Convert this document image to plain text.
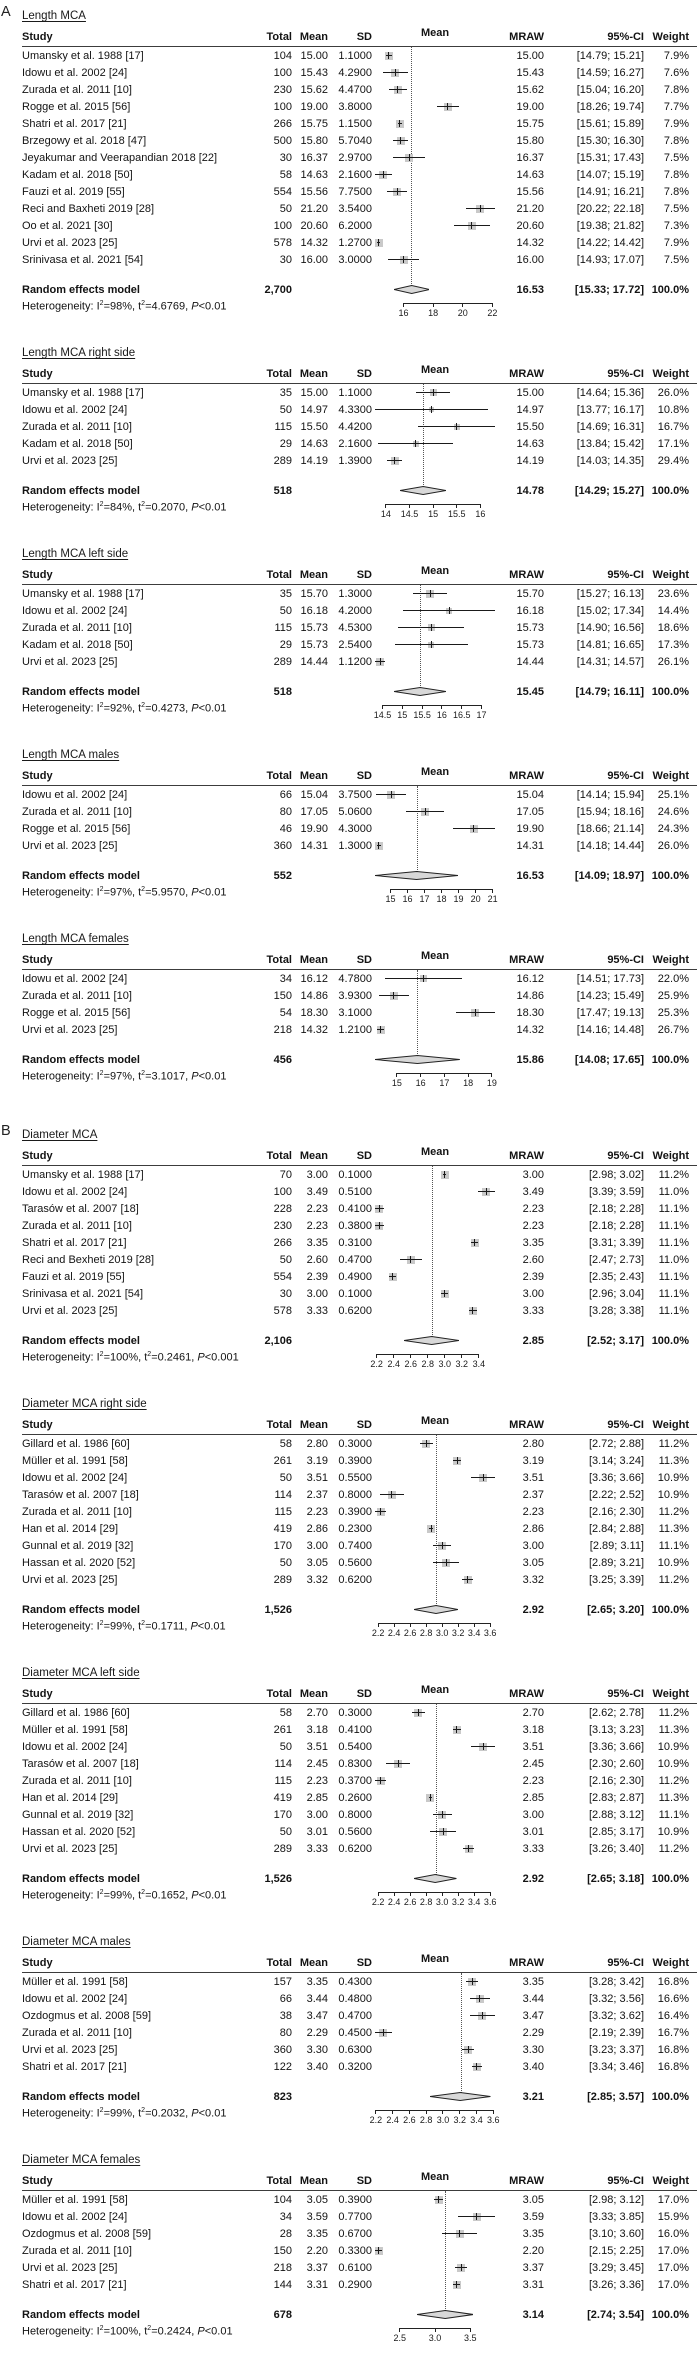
A Length MCA
Study	Total Mean	SD	Mean	MRAW	95%-CI Weight
Umansky et al. 1988 [17]	104 15.00 1.1000	15.00	[14.79; 15.21]	7.9%
Idowu et al. 2002 [24]	100 15.43 4.2900	15.43	[14.59; 16.27]	7.6%
Zurada et al. 2011 [10]	230 15.62 4.4700	15.62	[15.04; 16.20]	7.8%
Rogge et al. 2015 [56]	100 19.00 3.8000	19.00	[18.26; 19.74]	7.7%
Shatri et al. 2017 [21]	266 15.75 1.1500	15.75	[15.61; 15.89]	7.9%
Brzegowy et al. 2018 [47]	500 15.80 5.7040	15.80	[15.30; 16.30]	7.8%
Jeyakumar and Veerapandian 2018 [22]	30 16.37 2.9700	16.37	[15.31; 17.43]	7.5%
Kadam et al. 2018 [50]	58 14.63 2.1600	14.63	[14.07; 15.19]	7.8%
Fauzi et al. 2019 [55]	554 15.56 7.7500	15.56	[14.91; 16.21]	7.8%
Reci and Baxheti 2019 [28]	50 21.20 3.5400	21.20	[20.22; 22.18]	7.5%
Oo et al. 2021 [30]	100 20.60 6.2000	20.60	[19.38; 21.82]	7.3%
Urvi et al. 2023 [25]	578 14.32 1.2700	14.32	[14.22; 14.42]	7.9%
Srinivasa et al. 2021 [54]	30 16.00 3.0000	16.00	[14.93; 17.07]	7.5%
Random effects model	2,700	16.53	[15.33; 17.72] 100.0%
Heterogeneity: $I^2=98\%$, $t^2=4.6769$, P<0.01
16 18 20 22
Length MCA right side
Study	Total Mean	SD	Mean	MRAW	95%-CI Weight
Umansky et al. 1988 [17]	35 15.00 1.1000	15.00	[14.64; 15.36]	26.0%
Idowu et al. 2002 [24]	50 14.97 4.3300	14.97	[13.77; 16.17]	10.8%
Zurada et al. 2011 [10]	115 15.50 4.4200	15.50	[14.69; 16.31]	16.7%
Kadam et al. 2018 [50]	29 14.63 2.1600	14.63	[13.84; 15.42]	17.1%
Urvi et al. 2023 [25]	289 14.19 1.3900	14.19	[14.03; 14.35]	29.4%
Random effects model	518	14.78	[14.29; 15.27] 100.0%
Heterogeneity: $I^2=84\%$, $t^2=0.2070$, P<0.01
14 14.5 15 15.5 16
Length MCA left side
Study	Total Mean	SD	Mean	MRAW	95%-CI Weight
Umansky et al. 1988 [17]	35 15.70 1.3000	15.70	[15.27; 16.13]	23.6%
Idowu et al. 2002 [24]	50 16.18 4.2000	16.18	[15.02; 17.34]	14.4%
Zurada et al. 2011 [10]	115 15.73 4.5300	15.73	[14.90; 16.56]	18.6%
Kadam et al. 2018 [50]	29 15.73 2.5400	15.73	[14.81; 16.65]	17.3%
Urvi et al. 2023 [25]	289 14.44 1.1200	14.44	[14.31; 14.57]	26.1%
Random effects model	518	15.45	[14.79; 16.11] 100.0%
Heterogeneity: $I^2=92\%$, $t^2=0.4273$, P<0.01
14.5 15 15.5 16 16.5 17
Length MCA males
Study	Total Mean	SD	Mean	MRAW	95%-CI Weight
Idowu et al. 2002 [24]	66 15.04 3.7500	15.04	[14.14; 15.94]	25.1%
Zurada et al. 2011 [10]	80 17.05 5.0600	17.05	[15.94; 18.16]	24.6%
Rogge et al. 2015 [56]	46 19.90 4.3000	19.90	[18.66; 21.14]	24.3%
Urvi et al. 2023 [25]	360 14.31 1.3000	14.31	[14.18; 14.44]	26.0%
Random effects model	552	16.53	[14.09; 18.97] 100.0%
Heterogeneity: $I^2=97\%$, $t^2=5.9570$, P<0.01
15 16 17 18 19 20 21
Length MCA females
Study	Total Mean	SD	Mean	MRAW	95%-CI Weight
Idowu et al. 2002 [24]	34 16.12 4.7800	16.12	[14.51; 17.73]	22.0%
Zurada et al. 2011 [10]	150 14.86 3.9300	14.86	[14.23; 15.49]	25.9%
Rogge et al. 2015 [56]	54 18.30 3.1000	18.30	[17.47; 19.13]	25.3%
Urvi et al. 2023 [25]	218 14.32 1.2100	14.32	[14.16; 14.48]	26.7%
Random effects model	456	15.86	[14.08; 17.65] 100.0%
Heterogeneity: $I^2=97\%$, $t^2=3.1017$, P<0.01
15 16 17 18 19
B Diameter MCA
Study	Total Mean	SD	Mean	MRAW	95%-CI Weight
Umansky et al. 1988 [17]	70	3.00 0.1000	3.00	[2.98; 3.02]	11.2%
Idowu et al. 2002 [24]	100	3.49 0.5100	3.49	[3.39; 3.59]	11.0%
Tarasów et al. 2007 [18]	228	2.23 0.4100	2.23	[2.18; 2.28]	11.1%
Zurada et al. 2011 [10]	230	2.23 0.3800	2.23	[2.18; 2.28]	11.1%
Shatri et al. 2017 [21]	266	3.35 0.3100	3.35	[3.31; 3.39]	11.1%
Reci and Bexheti 2019 [28]	50	2.60 0.4700	2.60	[2.47; 2.73]	11.0%
Fauzi et al. 2019 [55]	554	2.39 0.4900	2.39	[2.35; 2.43]	11.1%
Srinivasa et al. 2021 [54]	30	3.00 0.1000	3.00	[2.96; 3.04]	11.1%
Urvi et al. 2023 [25]	578	3.33 0.6200	3.33	[3.28; 3.38]	11.1%
Random effects model	2,106	2.85	[2.52; 3.17] 100.0%
Heterogeneity: $I^2=100\%$, $t^2=0.2461$, P<0.001
2.2 2.4 2.6 2.8 3.0 3.2 3.4
Diameter MCA right side
Study	Total Mean	SD	Mean	MRAW	95%-CI Weight
Gillard et al. 1986 [60]	58	2.80 0.3000	2.80	[2.72; 2.88]	11.2%
Müller et al. 1991 [58]	261	3.19 0.3900	3.19	[3.14; 3.24]	11.3%
Idowu et al. 2002 [24]	50	3.51 0.5500	3.51	[3.36; 3.66]	10.9%
Tarasów et al. 2007 [18]	114	2.37 0.8000	2.37	[2.22; 2.52]	10.9%
Zurada et al. 2011 [10]	115	2.23 0.3900	2.23	[2.16; 2.30]	11.2%
Han et al. 2014 [29]	419	2.86 0.2300	2.86	[2.84; 2.88]	11.3%
Gunnal et al. 2019 [32]	170	3.00 0.7400	3.00	[2.89; 3.11]	11.1%
Hassan et al. 2020 [52]	50	3.05 0.5600	3.05	[2.89; 3.21]	10.9%
Urvi et al. 2023 [25]	289	3.32 0.6200	3.32	[3.25; 3.39]	11.2%
Random effects model	1,526	2.92	[2.65; 3.20] 100.0%
Heterogeneity: $I^2=99\%$, $t^2=0.1711$, P<0.01
2.2 2.4 2.6 2.8 3.0 3.2 3.4 3.6
Diameter MCA left side
Study	Total Mean	SD	Mean	MRAW	95%-CI Weight
Gillard et al. 1986 [60]	58	2.70 0.3000	2.70	[2.62; 2.78]	11.2%
Müller et al. 1991 [58]	261	3.18 0.4100	3.18	[3.13; 3.23]	11.3%
Idowu et al. 2002 [24]	50	3.51 0.5400	3.51	[3.36; 3.66]	10.9%
Tarasów et al. 2007 [18]	114	2.45 0.8300	2.45	[2.30; 2.60]	10.9%
Zurada et al. 2011 [10]	115	2.23 0.3700	2.23	[2.16; 2.30]	11.2%
Han et al. 2014 [29]	419	2.85 0.2600	2.85	[2.83; 2.87]	11.3%
Gunnal et al. 2019 [32]	170	3.00 0.8000	3.00	[2.88; 3.12]	11.1%
Hassan et al. 2020 [52]	50	3.01 0.5600	3.01	[2.85; 3.17]	10.9%
Urvi et al. 2023 [25]	289	3.33 0.6200	3.33	[3.26; 3.40]	11.2%
Random effects model	1,526	2.92	[2.65; 3.18] 100.0%
Heterogeneity: $I^2=99\%$, $t^2=0.1652$, P<0.01
2.2 2.4 2.6 2.8 3.0 3.2 3.4 3.6
Diameter MCA males
Study	Total Mean	SD	Mean	MRAW	95%-CI Weight
Müller et al. 1991 [58]	157	3.35 0.4300	3.35	[3.28; 3.42]	16.8%
Idowu et al. 2002 [24]	66	3.44 0.4800	3.44	[3.32; 3.56]	16.6%
Ozdogmus et al. 2008 [59]	38	3.47 0.4700	3.47	[3.32; 3.62]	16.4%
Zurada et al. 2011 [10]	80	2.29 0.4500	2.29	[2.19; 2.39]	16.7%
Urvi et al. 2023 [25]	360	3.30 0.6300	3.30	[3.23; 3.37]	16.8%
Shatri et al. 2017 [21]	122	3.40 0.3200	3.40	[3.34; 3.46]	16.8%
Random effects model	823	3.21	[2.85; 3.57] 100.0%
Heterogeneity: $I^2=99\%$, $t^2=0.2032$, P<0.01
2.2 2.4 2.6 2.8 3.0 3.2 3.4 3.6
Diameter MCA females
Study	Total Mean	SD	Mean	MRAW	95%-CI Weight
Müller et al. 1991 [58]	104	3.05 0.3900	3.05	[2.98; 3.12]	17.0%
Idowu et al. 2002 [24]	34	3.59 0.7700	3.59	[3.33; 3.85]	15.9%
Ozdogmus et al. 2008 [59]	28	3.35 0.6700	3.35	[3.10; 3.60]	16.0%
Zurada et al. 2011 [10]	150	2.20 0.3300	2.20	[2.15; 2.25]	17.0%
Urvi et al. 2023 [25]	218	3.37 0.6100	3.37	[3.29; 3.45]	17.0%
Shatri et al. 2017 [21]	144	3.31 0.2900	3.31	[3.26; 3.36]	17.0%
Random effects model	678	3.14	[2.74; 3.54] 100.0%
Heterogeneity: $I^2=100\%$, $t^2=0.2424$, P<0.01
2.5	3.0	3.5
